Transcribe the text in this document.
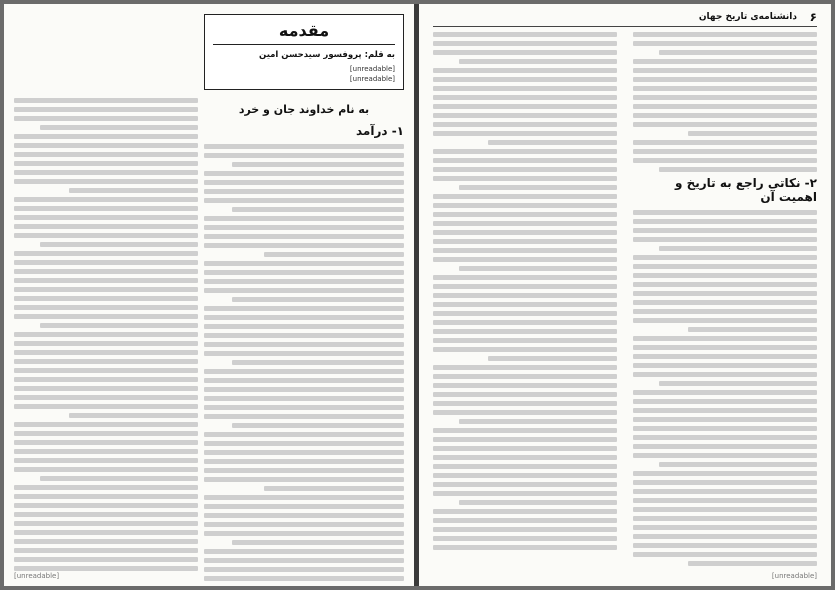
به نام خداوند جان و خرد
۱- درآمد
مقدمه
به قلم: پروفسور سیدحسن امین
[unreadable]
[unreadable]
[unreadable]
۶
دانشنامه‌ی تاریخ جهان
۲- نکاتی راجع به تاریخ و اهمیت آن
[unreadable]
